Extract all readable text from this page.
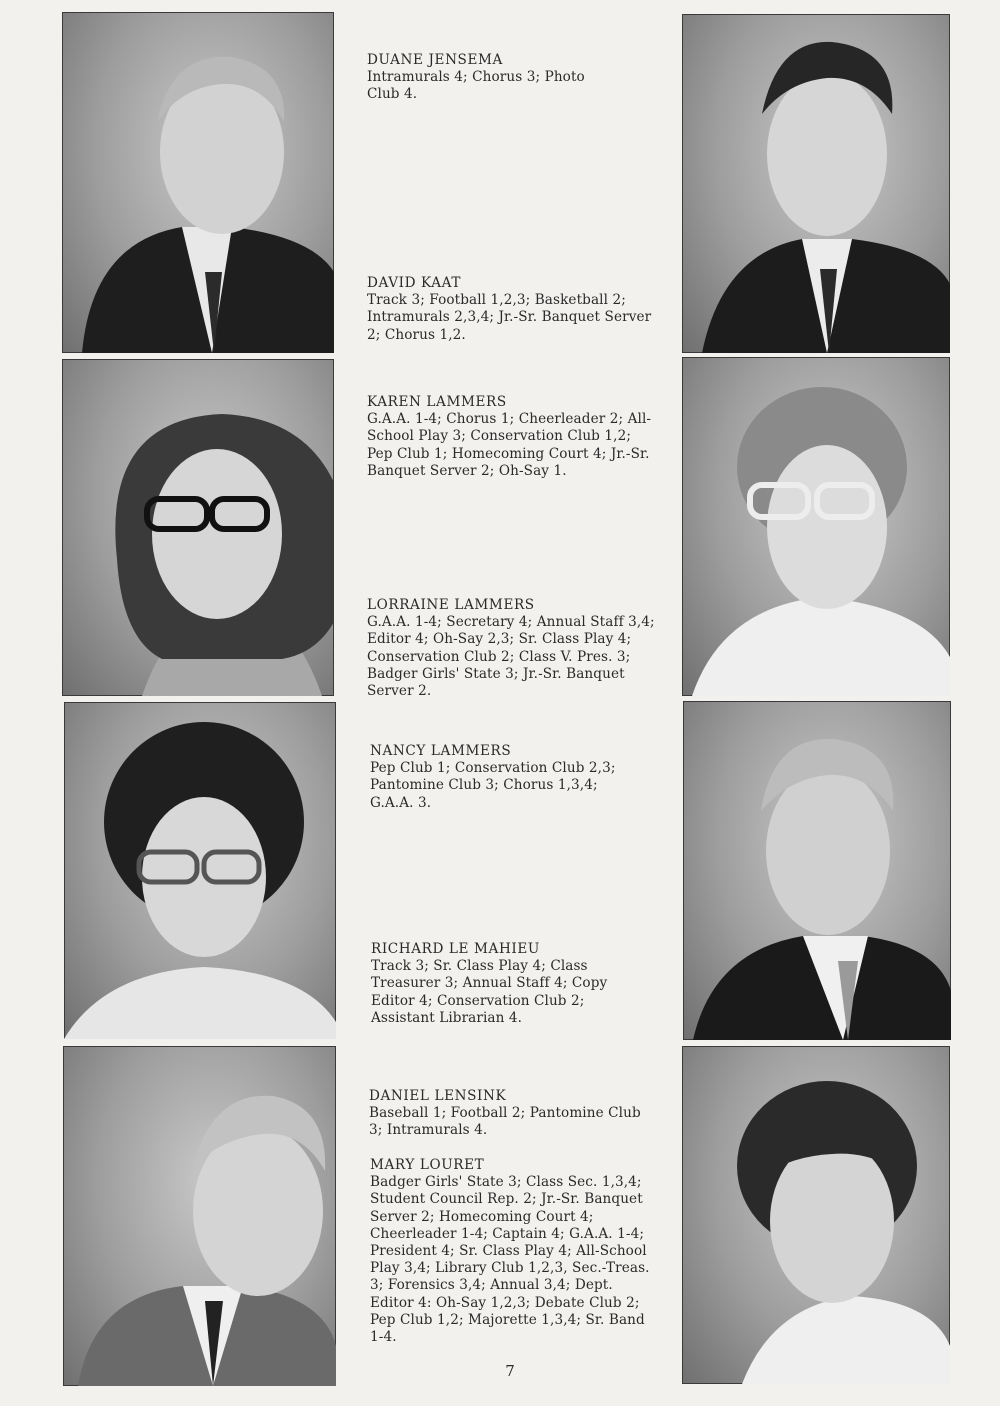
DUANE JENSEMA
Intramurals 4; Chorus 3; Photo Club 4.
DAVID KAAT
Track 3; Football 1,2,3; Basketball 2; Intramurals 2,3,4; Jr.-Sr. Banquet Server 2; Chorus 1,2.
KAREN LAMMERS
G.A.A. 1-4; Chorus 1; Cheerleader 2; All-School Play 3; Conservation Club 1,2; Pep Club 1; Homecoming Court 4; Jr.-Sr. Banquet Server 2; Oh-Say 1.
LORRAINE LAMMERS
G.A.A. 1-4; Secretary 4; Annual Staff 3,4; Editor 4; Oh-Say 2,3; Sr. Class Play 4; Conservation Club 2; Class V. Pres. 3; Badger Girls' State 3; Jr.-Sr. Banquet Server 2.
NANCY LAMMERS
Pep Club 1; Conservation Club 2,3; Pantomine Club 3; Chorus 1,3,4; G.A.A. 3.
RICHARD LE MAHIEU
Track 3; Sr. Class Play 4; Class Treasurer 3; Annual Staff 4; Copy Editor 4; Conservation Club 2; Assistant Librarian 4.
DANIEL LENSINK
Baseball 1; Football 2; Pantomine Club 3; Intramurals 4.
MARY LOURET
Badger Girls' State 3; Class Sec. 1,3,4; Student Council Rep. 2; Jr.-Sr. Banquet Server 2; Homecoming Court 4; Cheerleader 1-4; Captain 4; G.A.A. 1-4; President 4; Sr. Class Play 4; All-School Play 3,4; Library Club 1,2,3, Sec.-Treas. 3; Forensics 3,4; Annual 3,4; Dept. Editor 4: Oh-Say 1,2,3; Debate Club 2; Pep Club 1,2; Majorette 1,3,4; Sr. Band 1-4.
7
